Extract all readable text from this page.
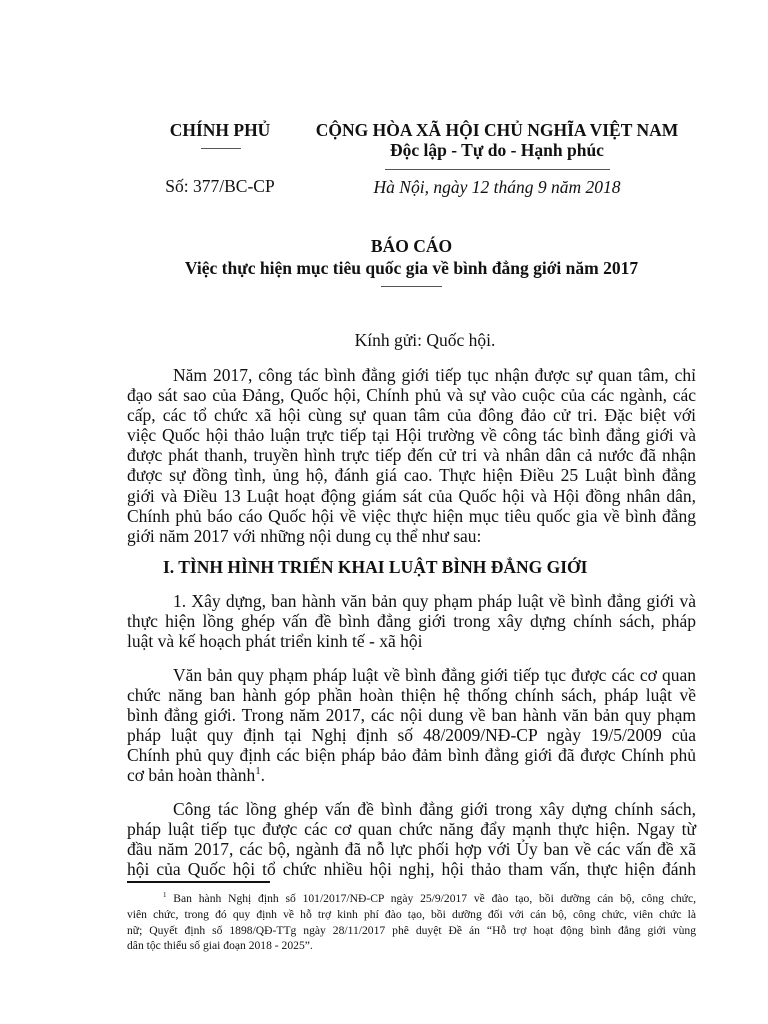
CHÍNH PHỦ
Số: 377/BC-CP
CỘNG HÒA XÃ HỘI CHỦ NGHĨA VIỆT NAM
Độc lập - Tự do - Hạnh phúc
Hà Nội, ngày 12 tháng 9 năm 2018
BÁO CÁO
Việc thực hiện mục tiêu quốc gia về bình đẳng giới năm 2017
Kính gửi: Quốc hội.
Năm 2017, công tác bình đẳng giới tiếp tục nhận được sự quan tâm, chỉ
đạo sát sao của Đảng, Quốc hội, Chính phủ và sự vào cuộc của các ngành, các
cấp, các tổ chức xã hội cùng sự quan tâm của đông đảo cử tri. Đặc biệt với
việc Quốc hội thảo luận trực tiếp tại Hội trường về công tác bình đẳng giới và
được phát thanh, truyền hình trực tiếp đến cử tri và nhân dân cả nước đã nhận
được sự đồng tình, ủng hộ, đánh giá cao. Thực hiện Điều 25 Luật bình đẳng
giới và Điều 13 Luật hoạt động giám sát của Quốc hội và Hội đồng nhân dân,
Chính phủ báo cáo Quốc hội về việc thực hiện mục tiêu quốc gia về bình đẳng
giới năm 2017 với những nội dung cụ thể như sau:
I. TÌNH HÌNH TRIỂN KHAI LUẬT BÌNH ĐẲNG GIỚI
1. Xây dựng, ban hành văn bản quy phạm pháp luật về bình đẳng giới và
thực hiện lồng ghép vấn đề bình đẳng giới trong xây dựng chính sách, pháp
luật và kế hoạch phát triển kinh tế - xã hội
Văn bản quy phạm pháp luật về bình đẳng giới tiếp tục được các cơ quan
chức năng ban hành góp phần hoàn thiện hệ thống chính sách, pháp luật về
bình đẳng giới. Trong năm 2017, các nội dung về ban hành văn bản quy phạm
pháp luật quy định tại Nghị định số 48/2009/NĐ-CP ngày 19/5/2009 của
Chính phủ quy định các biện pháp bảo đảm bình đẳng giới đã được Chính phủ
cơ bản hoàn thành$^1$.
Công tác lồng ghép vấn đề bình đẳng giới trong xây dựng chính sách,
pháp luật tiếp tục được các cơ quan chức năng đẩy mạnh thực hiện. Ngay từ
đầu năm 2017, các bộ, ngành đã nỗ lực phối hợp với Ủy ban về các vấn đề xã
hội của Quốc hội tổ chức nhiều hội nghị, hội thảo tham vấn, thực hiện đánh
$^1$ Ban hành Nghị định số 101/2017/NĐ-CP ngày 25/9/2017 về đào tạo, bồi dưỡng cán bộ, công chức,
viên chức, trong đó quy định về hỗ trợ kinh phí đào tạo, bồi dưỡng đối với cán bộ, công chức, viên chức là
nữ; Quyết định số 1898/QĐ-TTg ngày 28/11/2017 phê duyệt Đề án “Hỗ trợ hoạt động bình đẳng giới vùng
dân tộc thiểu số giai đoạn 2018 - 2025”.
